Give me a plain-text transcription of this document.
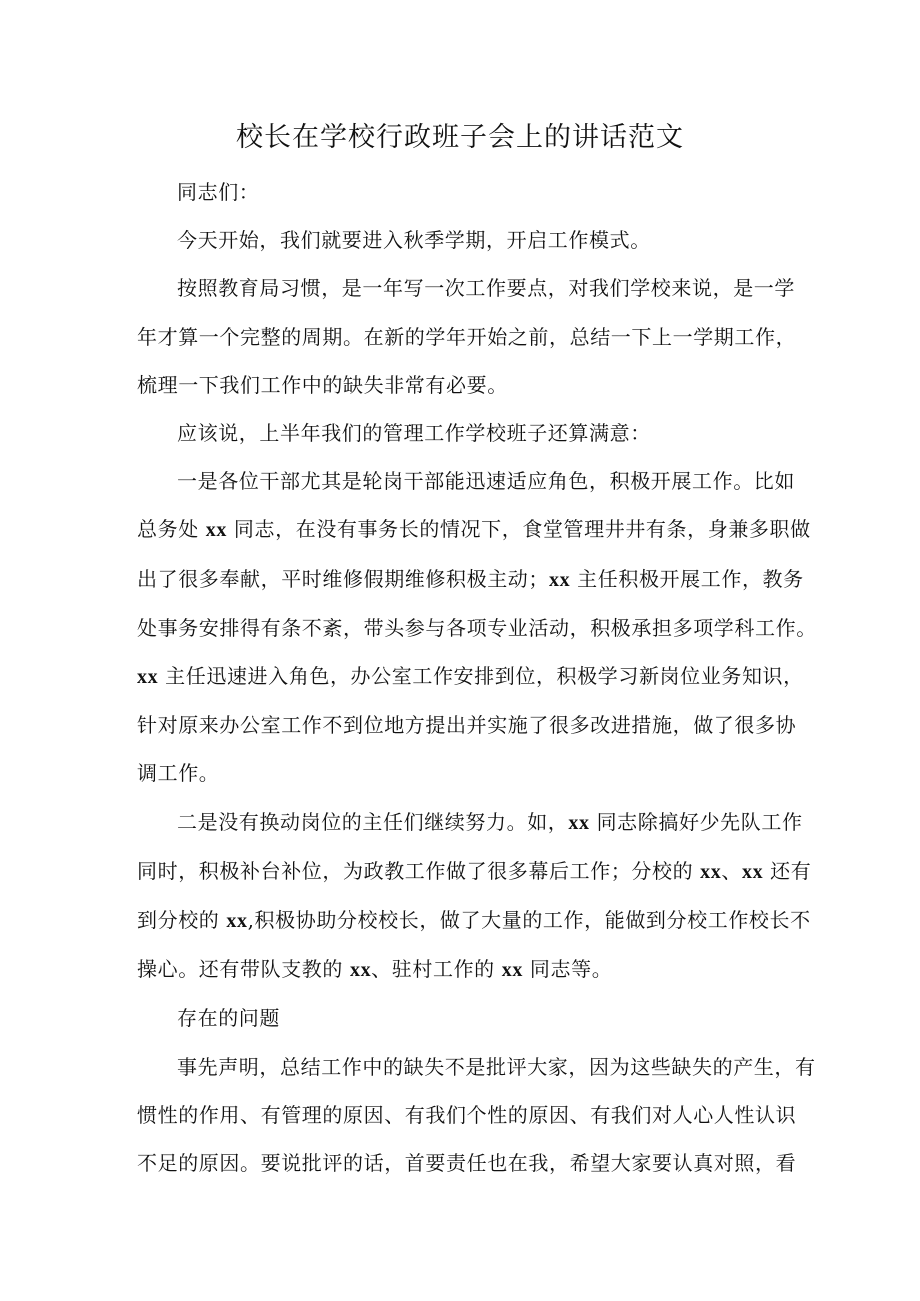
校长在学校行政班子会上的讲话范文

同志们：

今天开始，我们就要进入秋季学期，开启工作模式。

按照教育局习惯，是一年写一次工作要点，对我们学校来说，是一学
年才算一个完整的周期。在新的学年开始之前，总结一下上一学期工作，
梳理一下我们工作中的缺失非常有必要。

应该说，上半年我们的管理工作学校班子还算满意：

一是各位干部尤其是轮岗干部能迅速适应角色，积极开展工作。比如
总务处 xx 同志，在没有事务长的情况下，食堂管理井井有条，身兼多职做
出了很多奉献，平时维修假期维修积极主动；xx 主任积极开展工作，教务
处事务安排得有条不紊，带头参与各项专业活动，积极承担多项学科工作。
xx 主任迅速进入角色，办公室工作安排到位，积极学习新岗位业务知识，
针对原来办公室工作不到位地方提出并实施了很多改进措施，做了很多协
调工作。

二是没有换动岗位的主任们继续努力。如，xx 同志除搞好少先队工作
同时，积极补台补位，为政教工作做了很多幕后工作；分校的 xx、xx 还有
到分校的 xx,积极协助分校校长，做了大量的工作，能做到分校工作校长不
操心。还有带队支教的 xx、驻村工作的 xx 同志等。

存在的问题

事先声明，总结工作中的缺失不是批评大家，因为这些缺失的产生，有
惯性的作用、有管理的原因、有我们个性的原因、有我们对人心人性认识
不足的原因。要说批评的话，首要责任也在我，希望大家要认真对照，看
